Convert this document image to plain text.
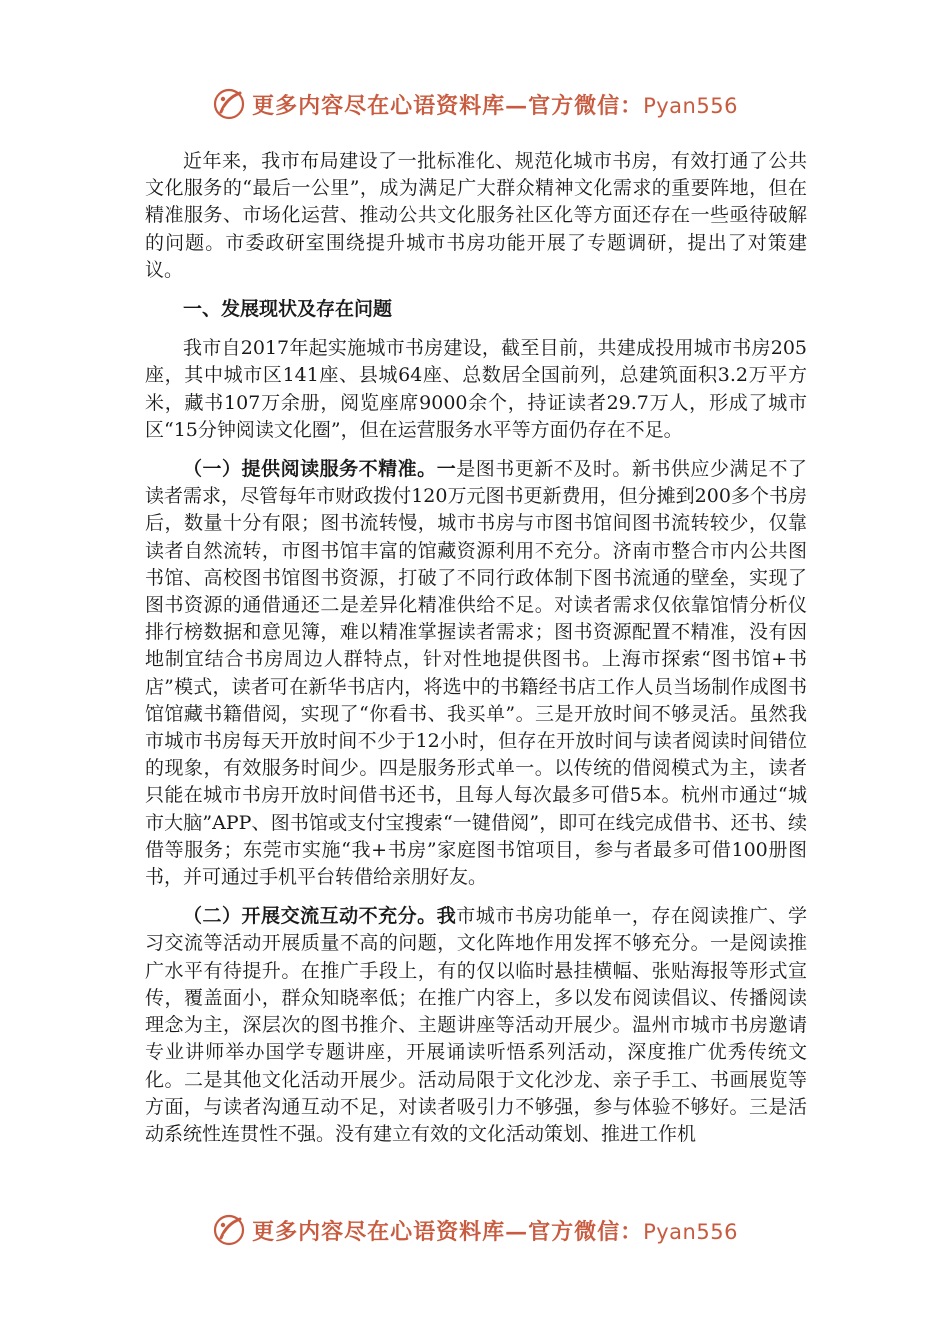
更多内容尽在心语资料库—官方微信：Pyan556

近年来，我市布局建设了一批标准化、规范化城市书房，有效打通了公共文化服务的“最后一公里”，成为满足广大群众精神文化需求的重要阵地，但在精准服务、市场化运营、推动公共文化服务社区化等方面还存在一些亟待破解的问题。市委政研室围绕提升城市书房功能开展了专题调研，提出了对策建议。

一、发展现状及存在问题

我市自2017年起实施城市书房建设，截至目前，共建成投用城市书房205座，其中城市区141座、县城64座、总数居全国前列，总建筑面积3.2万平方米，藏书107万余册，阅览座席9000余个，持证读者29.7万人，形成了城市区“15分钟阅读文化圈”，但在运营服务水平等方面仍存在不足。

（一）提供阅读服务不精准。一是图书更新不及时。新书供应少满足不了读者需求，尽管每年市财政拨付120万元图书更新费用，但分摊到200多个书房后，数量十分有限；图书流转慢，城市书房与市图书馆间图书流转较少，仅靠读者自然流转，市图书馆丰富的馆藏资源利用不充分。济南市整合市内公共图书馆、高校图书馆图书资源，打破了不同行政体制下图书流通的壁垒，实现了图书资源的通借通还二是差异化精准供给不足。对读者需求仅依靠馆情分析仪排行榜数据和意见簿，难以精准掌握读者需求；图书资源配置不精准，没有因地制宜结合书房周边人群特点，针对性地提供图书。上海市探索“图书馆+书店”模式，读者可在新华书店内，将选中的书籍经书店工作人员当场制作成图书馆馆藏书籍借阅，实现了“你看书、我买单”。三是开放时间不够灵活。虽然我市城市书房每天开放时间不少于12小时，但存在开放时间与读者阅读时间错位的现象，有效服务时间少。四是服务形式单一。以传统的借阅模式为主，读者只能在城市书房开放时间借书还书，且每人每次最多可借5本。杭州市通过“城市大脑”APP、图书馆或支付宝搜索“一键借阅”，即可在线完成借书、还书、续借等服务；东莞市实施“我+书房”家庭图书馆项目，参与者最多可借100册图书，并可通过手机平台转借给亲朋好友。

（二）开展交流互动不充分。我市城市书房功能单一，存在阅读推广、学习交流等活动开展质量不高的问题，文化阵地作用发挥不够充分。一是阅读推广水平有待提升。在推广手段上，有的仅以临时悬挂横幅、张贴海报等形式宣传，覆盖面小，群众知晓率低；在推广内容上，多以发布阅读倡议、传播阅读理念为主，深层次的图书推介、主题讲座等活动开展少。温州市城市书房邀请专业讲师举办国学专题讲座，开展诵读听悟系列活动，深度推广优秀传统文化。二是其他文化活动开展少。活动局限于文化沙龙、亲子手工、书画展览等方面，与读者沟通互动不足，对读者吸引力不够强，参与体验不够好。三是活动系统性连贯性不强。没有建立有效的文化活动策划、推进工作机

更多内容尽在心语资料库—官方微信：Pyan556
